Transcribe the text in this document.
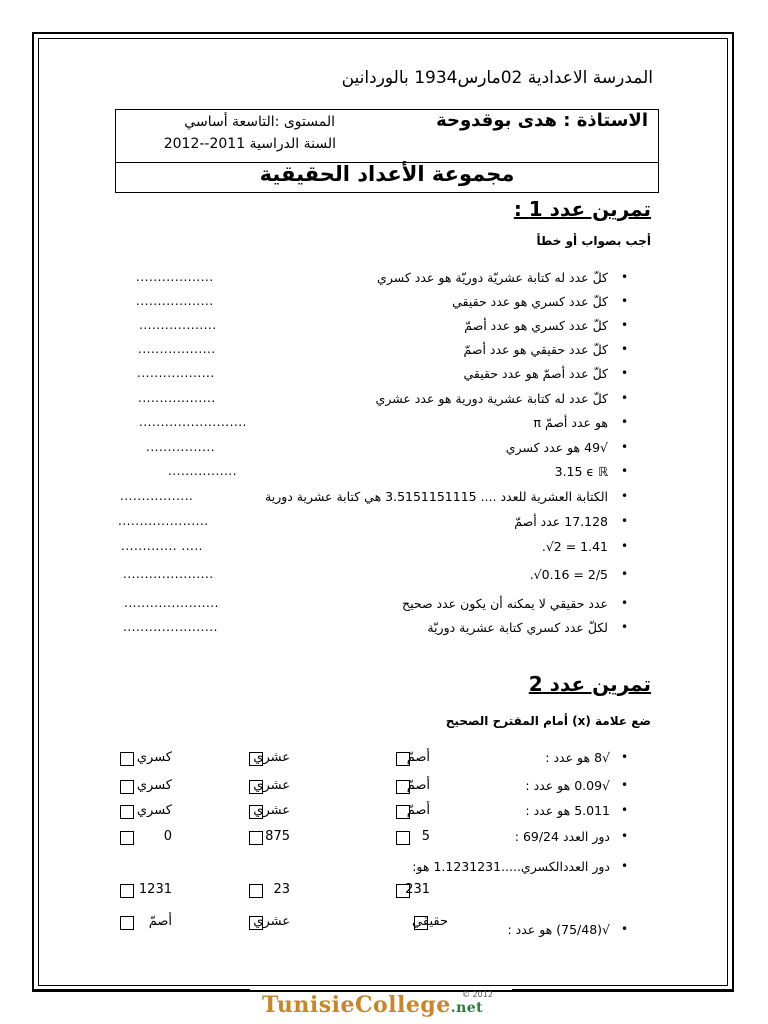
المدرسة الاعدادية 02مارس1934 بالوردانين
الاستاذة : هدى بوقدوحة
المستوى :التاسعة أساسي
السنة الدراسية 2011--2012
مجموعة الأعداد الحقيقية
تمرين عدد 1 :
أجب بصواب أو خطأ
•
كلّ عدد له كتابة عشريّة دوريّة هو عدد كسري
..................
•
كلّ عدد كسري هو عدد حقيقي
..................
•
كلّ عدد كسري هو عدد أصمّ
..................
•
كلّ عدد حقيقي هو عدد أصمّ
..................
•
كلّ عدد أصمّ هو عدد حقيقي
..................
•
كلّ عدد له كتابة عشرية دورية هو عدد عشري
..................
•
π هو عدد أصمّ
.........................
•
√49 هو عدد كسري
................
•
3.15 ϵ ℝ
................
•
الكتابة العشرية للعدد .... 3.5151151115 هي كتابة عشرية دورية
.................
•
17.128 عدد أصمّ
.....................
•
.√2 = 1.41
............. .....
•
.√0.16 = 2/5
.....................
•
عدد حقيقي لا يمكنه أن يكون عدد صحيح
......................
•
لكلّ عدد كسري كتابة عشرية دوريّة
......................
تمرين عدد 2
ضع علامة (x) أمام المقترح الصحيح
•
√8 هو عدد :
أصمّ
عشري
كسري
•
√0.09 هو عدد :
أصمّ
عشري
كسري
•
5.011 هو عدد :
أصمّ
عشري
كسري
•
دور العدد 69/24 :
5
875
0
•
دور العددالكسري.....1.1231231 هو:
231
23
1231
•
√(75/48) هو عدد :
حقيقي
عشري
أصمّ
TunisieCollege.net
© 2012
